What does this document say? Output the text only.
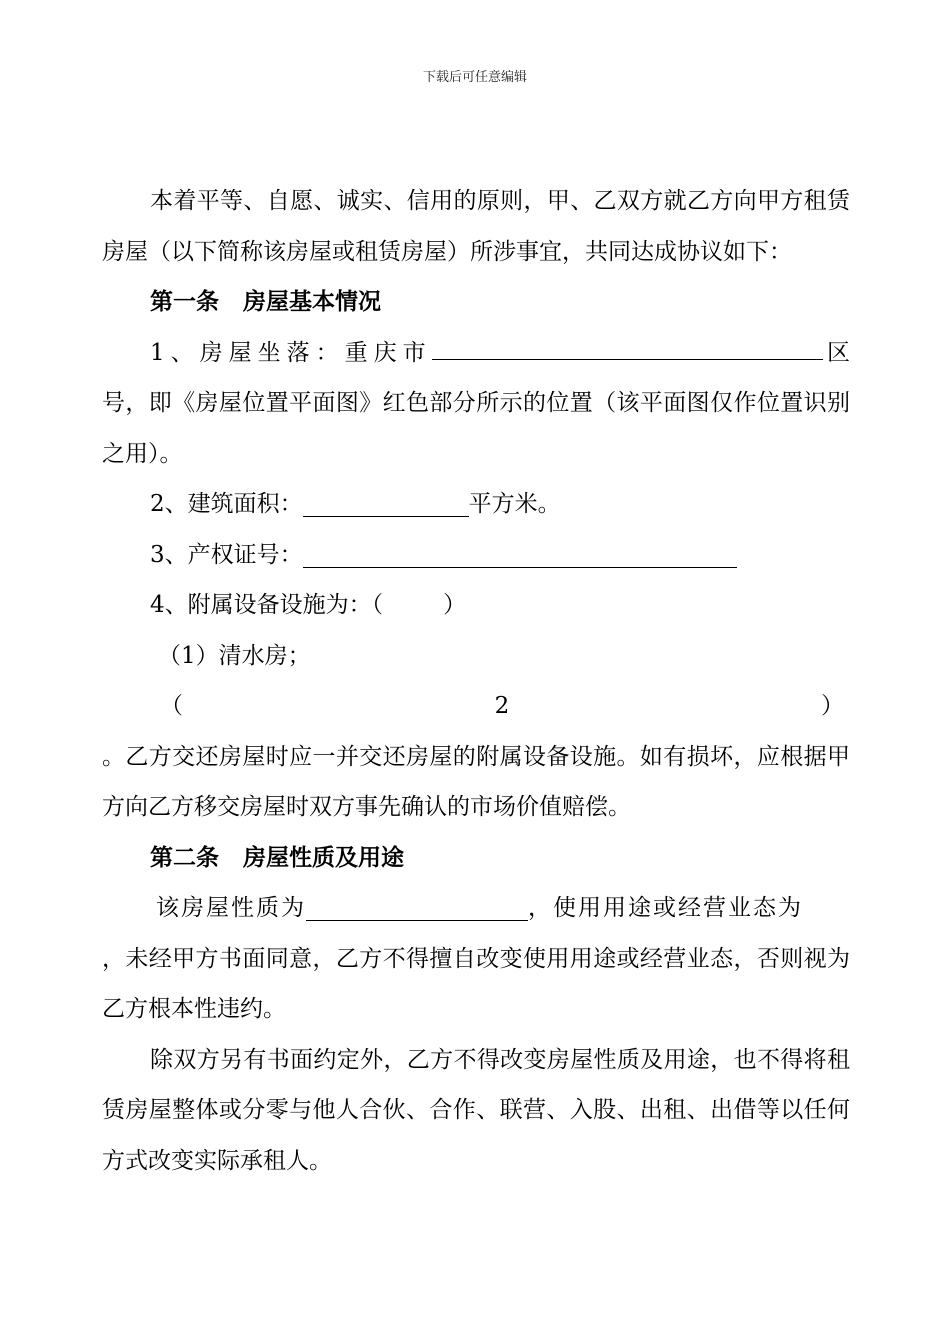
下载后可任意编辑

本着平等、自愿、诚实、信用的原则，甲、乙双方就乙方向甲方租赁房屋（以下简称该房屋或租赁房屋）所涉事宜，共同达成协议如下：

第一条 房屋基本情况

1、房屋坐落：重庆市	区

号，即《房屋位置平面图》红色部分所示的位置（该平面图仅作位置识别之用）。

2、建筑面积：	平方米。

3、产权证号：

4、附属设备设施为：（	）

（1）清水房；

（	2	）

。乙方交还房屋时应一并交还房屋的附属设备设施。如有损坏，应根据甲方向乙方移交房屋时双方事先确认的市场价值赔偿。

第二条 房屋性质及用途

该房屋性质为	，使用用途或经营业态为

，未经甲方书面同意，乙方不得擅自改变使用用途或经营业态，否则视为乙方根本性违约。

除双方另有书面约定外，乙方不得改变房屋性质及用途，也不得将租赁房屋整体或分零与他人合伙、合作、联营、入股、出租、出借等以任何方式改变实际承租人。
